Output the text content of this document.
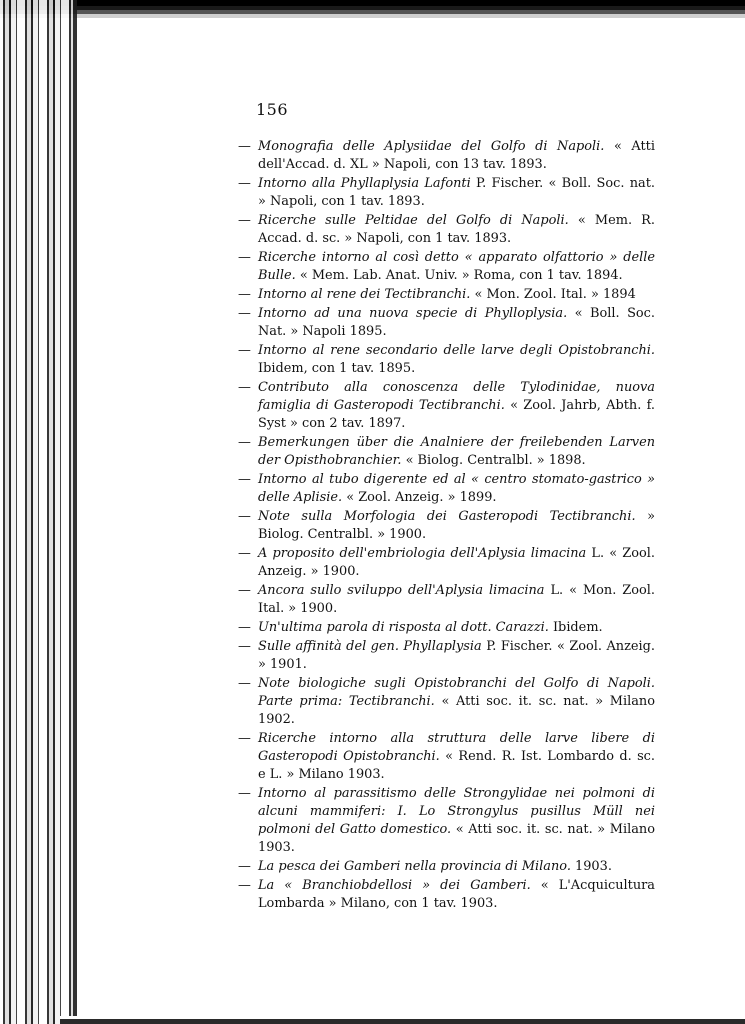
156
— Monografia delle Aplysiidae del Golfo di Napoli. « Atti dell'Accad. d. XL » Napoli, con 13 tav. 1893.
— Intorno alla Phyllaplysia Lafonti P. Fischer. « Boll. Soc. nat. » Napoli, con 1 tav. 1893.
— Ricerche sulle Peltidae del Golfo di Napoli. « Mem. R. Accad. d. sc. » Napoli, con 1 tav. 1893.
— Ricerche intorno al così detto « apparato olfattorio » delle Bulle. « Mem. Lab. Anat. Univ. » Roma, con 1 tav. 1894.
— Intorno al rene dei Tectibranchi. « Mon. Zool. Ital. » 1894
— Intorno ad una nuova specie di Phylloplysia. « Boll. Soc. Nat. » Napoli 1895.
— Intorno al rene secondario delle larve degli Opistobranchi. Ibidem, con 1 tav. 1895.
— Contributo alla conoscenza delle Tylodinidae, nuova famiglia di Gasteropodi Tectibranchi. « Zool. Jahrb, Abth. f. Syst » con 2 tav. 1897.
— Bemerkungen über die Analniere der freilebenden Larven der Opisthobranchier. « Biolog. Centralbl. » 1898.
— Intorno al tubo digerente ed al « centro stomato-gastrico » delle Aplisie. « Zool. Anzeig. » 1899.
— Note sulla Morfologia dei Gasteropodi Tectibranchi. » Biolog. Centralbl. » 1900.
— A proposito dell'embriologia dell'Aplysia limacina L. « Zool. Anzeig. » 1900.
— Ancora sullo sviluppo dell'Aplysia limacina L. « Mon. Zool. Ital. » 1900.
— Un'ultima parola di risposta al dott. Carazzi. Ibidem.
— Sulle affinità del gen. Phyllaplysia P. Fischer. « Zool. Anzeig. » 1901.
— Note biologiche sugli Opistobranchi del Golfo di Napoli. Parte prima: Tectibranchi. « Atti soc. it. sc. nat. » Milano 1902.
— Ricerche intorno alla struttura delle larve libere di Gasteropodi Opistobranchi. « Rend. R. Ist. Lombardo d. sc. e L. » Milano 1903.
— Intorno al parassitismo delle Strongylidae nei polmoni di alcuni mammiferi: I. Lo Strongylus pusillus Müll nei polmoni del Gatto domestico. « Atti soc. it. sc. nat. » Milano 1903.
— La pesca dei Gamberi nella provincia di Milano. 1903.
— La « Branchiobdellosi » dei Gamberi. « L'Acquicultura Lombarda » Milano, con 1 tav. 1903.
